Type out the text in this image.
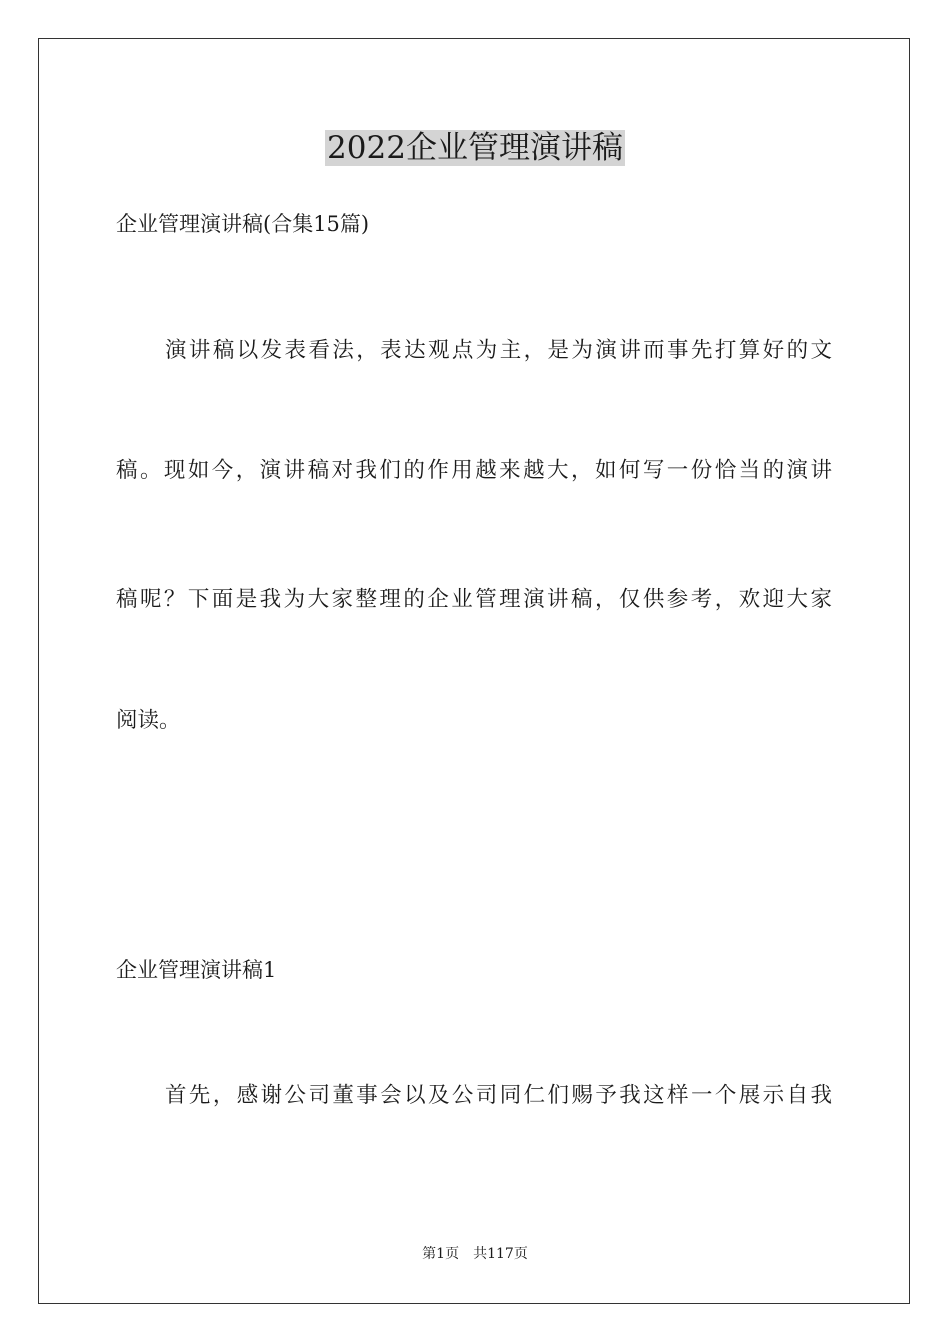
2022企业管理演讲稿
企业管理演讲稿(合集15篇)
演讲稿以发表看法，表达观点为主，是为演讲而事先打算好的文
稿。现如今，演讲稿对我们的作用越来越大，如何写一份恰当的演讲
稿呢？下面是我为大家整理的企业管理演讲稿，仅供参考，欢迎大家
阅读。
企业管理演讲稿1
首先，感谢公司董事会以及公司同仁们赐予我这样一个展示自我
第1页 共117页
